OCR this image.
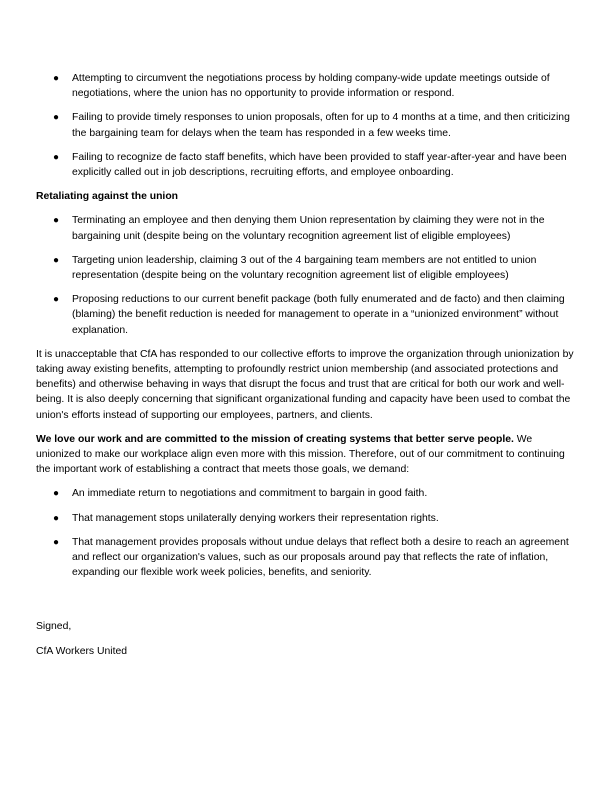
● Attempting to circumvent the negotiations process by holding company-wide update meetings outside of negotiations, where the union has no opportunity to provide information or respond.
● Failing to provide timely responses to union proposals, often for up to 4 months at a time, and then criticizing the bargaining team for delays when the team has responded in a few weeks time.
● Failing to recognize de facto staff benefits, which have been provided to staff year-after-year and have been explicitly called out in job descriptions, recruiting efforts, and employee onboarding.
Retaliating against the union
● Terminating an employee and then denying them Union representation by claiming they were not in the bargaining unit (despite being on the voluntary recognition agreement list of eligible employees)
● Targeting union leadership, claiming 3 out of the 4 bargaining team members are not entitled to union representation (despite being on the voluntary recognition agreement list of eligible employees)
● Proposing reductions to our current benefit package (both fully enumerated and de facto) and then claiming (blaming) the benefit reduction is needed for management to operate in a “unionized environment” without explanation.

It is unacceptable that CfA has responded to our collective efforts to improve the organization through unionization by taking away existing benefits, attempting to profoundly restrict union membership (and associated protections and benefits) and otherwise behaving in ways that disrupt the focus and trust that are critical for both our work and well-being. It is also deeply concerning that significant organizational funding and capacity have been used to combat the union's efforts instead of supporting our employees, partners, and clients.

We love our work and are committed to the mission of creating systems that better serve people. We unionized to make our workplace align even more with this mission. Therefore, out of our commitment to continuing the important work of establishing a contract that meets those goals, we demand:

● An immediate return to negotiations and commitment to bargain in good faith.
● That management stops unilaterally denying workers their representation rights.
● That management provides proposals without undue delays that reflect both a desire to reach an agreement and reflect our organization's values, such as our proposals around pay that reflects the rate of inflation, expanding our flexible work week policies, benefits, and seniority.

Signed,

CfA Workers United
